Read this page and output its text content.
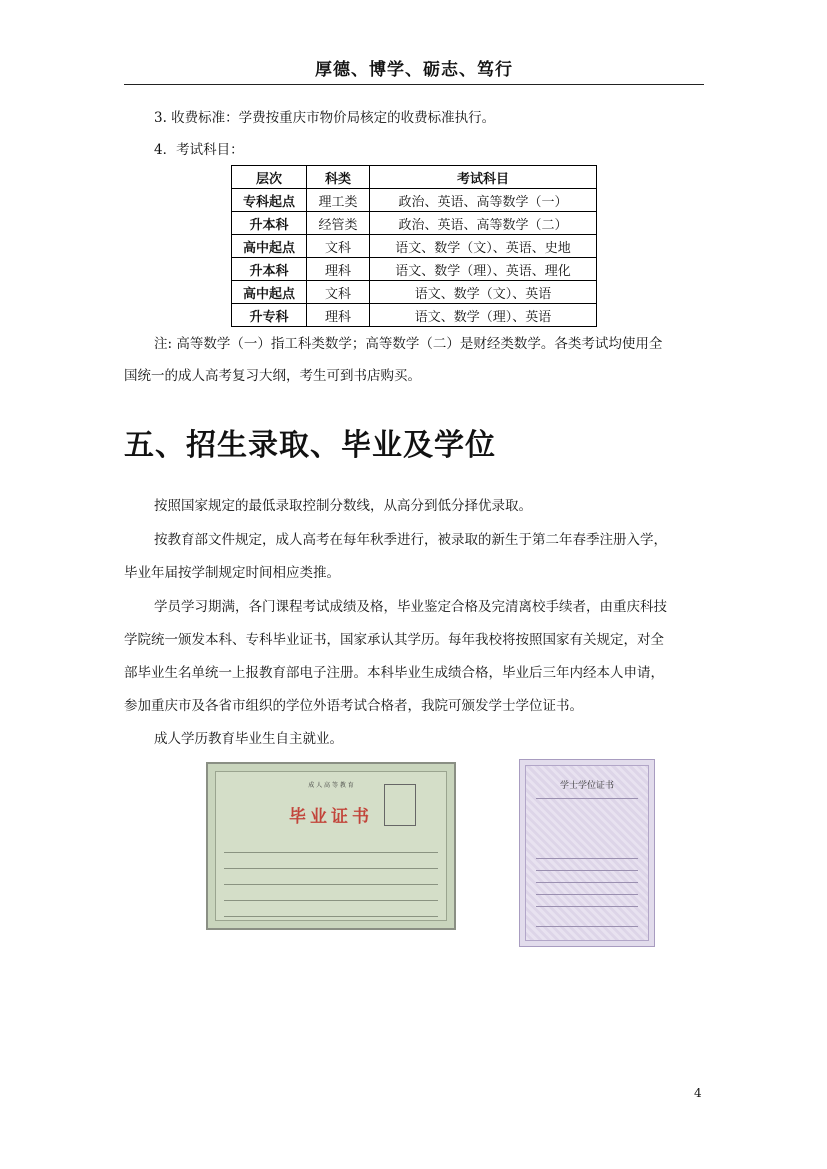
厚德、博学、砺志、笃行
3. 收费标准：学费按重庆市物价局核定的收费标准执行。
4．考试科目：
层次	科类	考试科目
专科起点	理工类	政治、英语、高等数学（一）
升本科	经管类	政治、英语、高等数学（二）
高中起点	文科	语文、数学（文）、英语、史地
升本科	理科	语文、数学（理）、英语、理化
高中起点	文科	语文、数学（文）、英语
升专科	理科	语文、数学（理）、英语
注: 高等数学（一）指工科类数学；高等数学（二）是财经类数学。各类考试均使用全
国统一的成人高考复习大纲，考生可到书店购买。
五、招生录取、毕业及学位
按照国家规定的最低录取控制分数线，从高分到低分择优录取。
按教育部文件规定，成人高考在每年秋季进行，被录取的新生于第二年春季注册入学，
毕业年届按学制规定时间相应类推。
学员学习期满，各门课程考试成绩及格，毕业鉴定合格及完清离校手续者，由重庆科技
学院统一颁发本科、专科毕业证书，国家承认其学历。每年我校将按照国家有关规定，对全
部毕业生名单统一上报教育部电子注册。本科毕业生成绩合格，毕业后三年内经本人申请，
参加重庆市及各省市组织的学位外语考试合格者，我院可颁发学士学位证书。
成人学历教育毕业生自主就业。
成 人 高 等 教 育
毕业证书
学士学位证书
4
